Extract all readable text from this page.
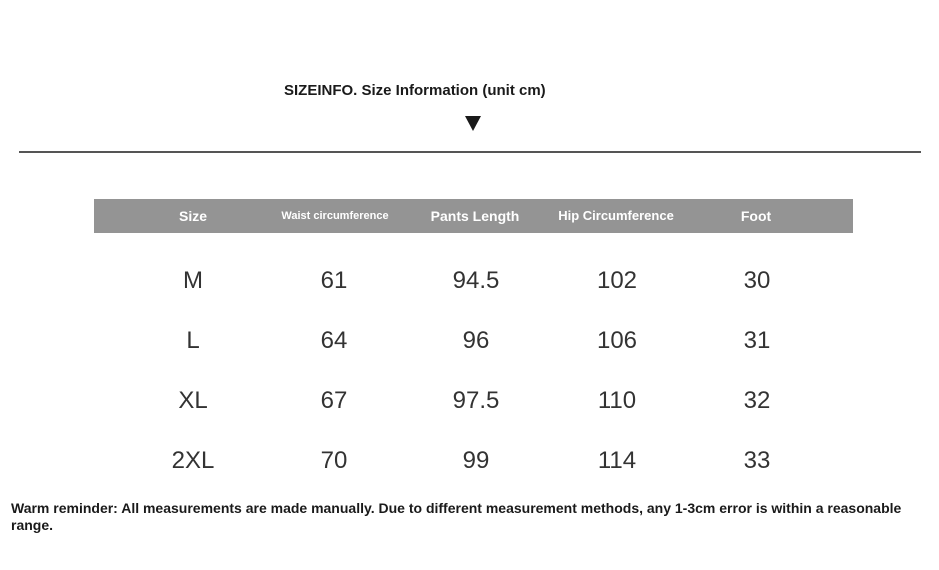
SIZEINFO. Size Information (unit cm)
Size	Waist circumference	Pants Length	Hip Circumference	Foot
M	61	94.5	102	30
L	64	96	106	31
XL	67	97.5	110	32
2XL	70	99	114	33
Warm reminder: All measurements are made manually. Due to different measurement methods, any 1-3cm error is within a reasonable range.
